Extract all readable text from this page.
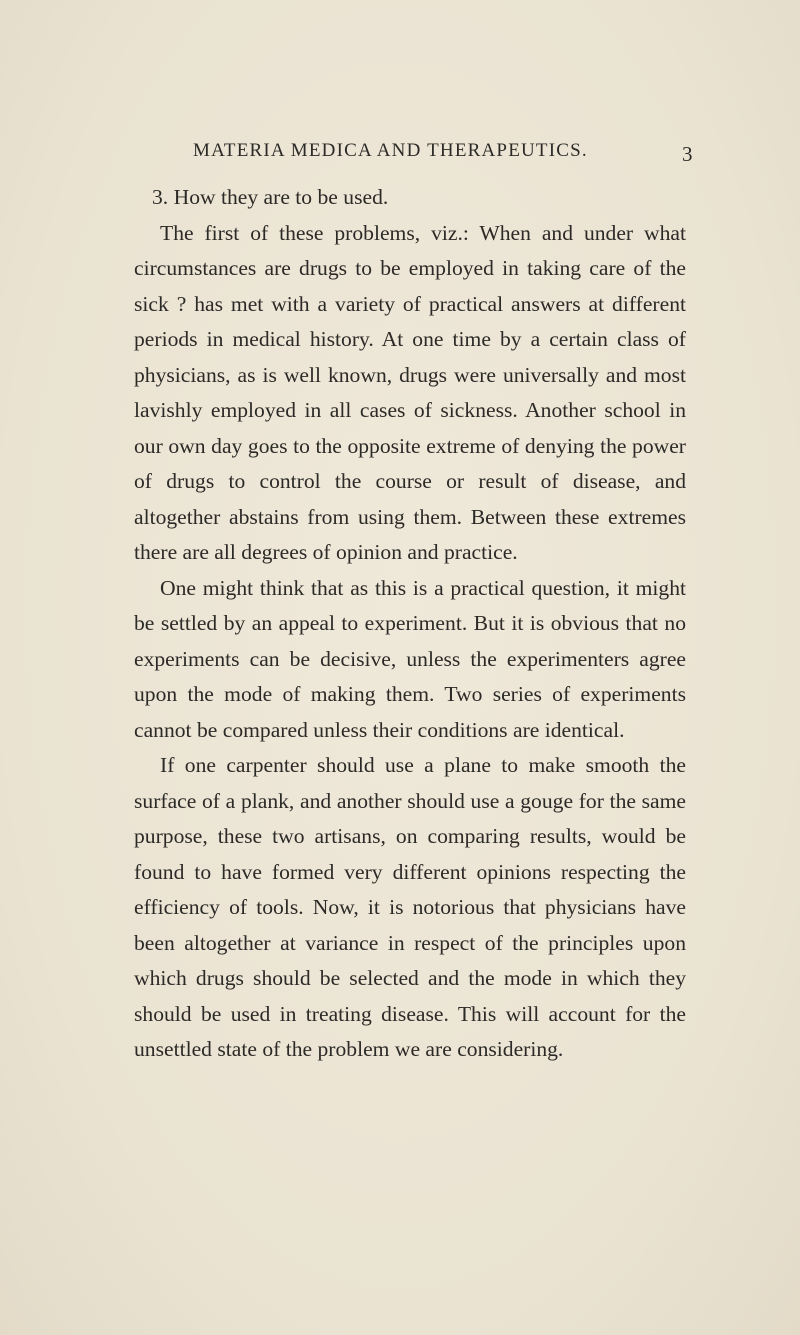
MATERIA MEDICA AND THERAPEUTICS.	3

3. How they are to be used.

The first of these problems, viz.: When and under what circumstances are drugs to be employed in taking care of the sick ? has met with a variety of practical answers at different periods in medical history. At one time by a certain class of physicians, as is well known, drugs were universally and most lavishly employed in all cases of sickness. Another school in our own day goes to the opposite extreme of denying the power of drugs to control the course or result of disease, and altogether abstains from using them. Between these extremes there are all degrees of opinion and practice.

One might think that as this is a practical question, it might be settled by an appeal to experiment. But it is obvious that no experiments can be decisive, unless the experimenters agree upon the mode of making them. Two series of experiments cannot be compared unless their conditions are identical.

If one carpenter should use a plane to make smooth the surface of a plank, and another should use a gouge for the same purpose, these two artisans, on comparing results, would be found to have formed very different opinions respecting the efficiency of tools. Now, it is notorious that physicians have been altogether at variance in respect of the principles upon which drugs should be selected and the mode in which they should be used in treating disease. This will account for the unsettled state of the problem we are considering.
